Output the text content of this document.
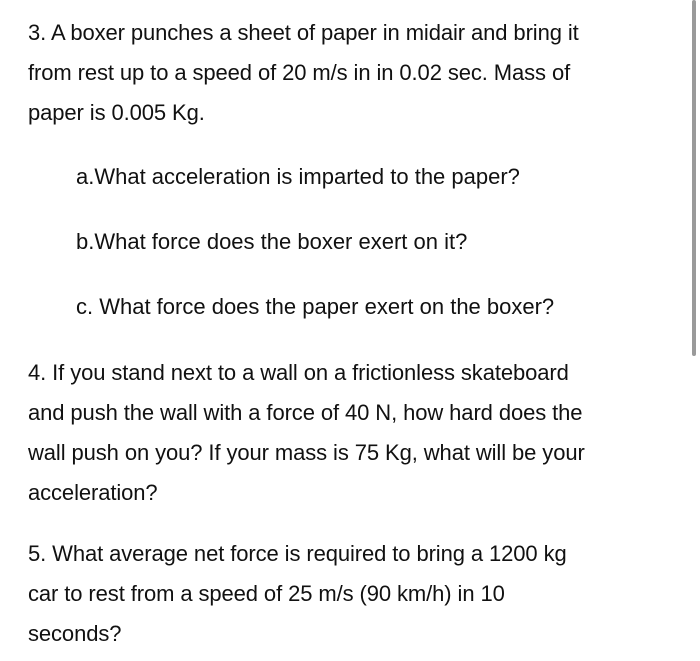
3. A boxer punches a sheet of paper in midair and bring it
from rest up to a speed of 20 m/s in in 0.02 sec. Mass of
paper is 0.005 Kg.
a.What acceleration is imparted to the paper?
b.What force does the boxer exert on it?
c. What force does the paper exert on the boxer?
4. If you stand next to a wall on a frictionless skateboard
and push the wall with a force of 40 N, how hard does the
wall push on you? If your mass is 75 Kg, what will be your
acceleration?
5. What average net force is required to bring a 1200 kg
car to rest from a speed of 25 m/s (90 km/h) in 10
seconds?
